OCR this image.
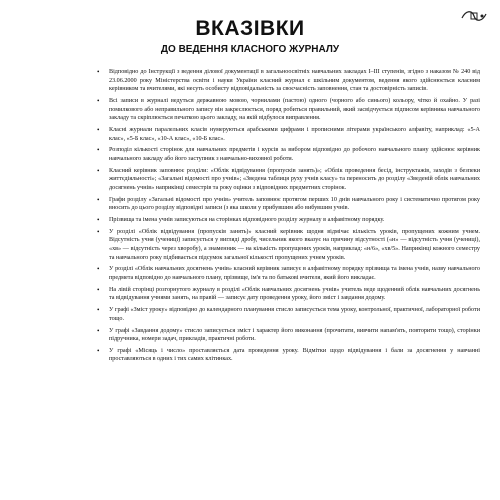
ВКАЗІВКИ
ДО ВЕДЕННЯ КЛАСНОГО ЖУРНАЛУ
• Відповідно до Інструкції з ведення ділової документації в загальноосвітніх навчальних закладах I–III ступенів, згідно з наказом № 240 від 23.06.2000 року Міністерства освіти і науки України класний журнал є шкільним документом, ведення якого здійснюється класним керівником та вчителями, які несуть особисту відповідальність за своєчасність заповнення, стан та достовірність записів.
• Всі записи в журналі ведуться державною мовою, чорнилами (пастою) одного (чорного або синього) кольору, чітко й охайно. У разі помилкового або неправильного запису він закреслюється, поряд робиться правильний, який засвідчується підписом керівника навчального закладу та скріплюється печаткою цього закладу, на якій відбулося виправлення.
• Класні журнали паралельних класів нумеруються арабськими цифрами і прописними літерами українського алфавіту, наприклад: «5-А клас», «5-Б клас», «10-А клас», «10-Б клас».
• Розподіл кількості сторінок для навчальних предметів і курсів за вибором відповідно до робочого навчального плану здійснює керівник навчального закладу або його заступник з навчально-виховної роботи.
• Класний керівник заповнює розділи: «Облік відвідування (пропусків занять)»; «Облік проведення бесід, інструктажів, заходів з безпеки життєдіяльності»; «Загальні відомості про учнів»; «Зведена таблиця руху учнів класу» та переносить до розділу «Зведеній облік навчальних досягнень учнів» наприкінці семестрів та року оцінки з відповідних предметних сторінок.
• Графи розділу «Загальні відомості про учнів» учитель заповнює протягом перших 10 днів навчального року і систематично протягом року вносить до цього розділу відповідні записи (з яка школи у прибувшим або вибувшим учнів.
• Прізвища та імена учнів записуються на сторінках відповідного розділу журналу в алфавітному порядку.
• У розділі «Облік відвідування (пропусків занять)» класний керівник щодня відмічає кількість уроків, пропущених кожним учнем. Відсутність учня (учениці) записується у вигляді дробу, чисельник якого вказує на причину відсутності («н» — відсутність учня (учениці), «хв» — відсутність через хворобу), а знаменник — на кількість пропущених уроків, наприклад: «н/6», «хв/5». Наприкінці кожного семестру та навчального року підбивається підсумок загальної кількості пропущених учнем уроків.
• У розділі «Облік навчальних досягнень учнів» класний керівник записує в алфавітному порядку прізвища та імена учнів, назву навчального предмета відповідно до навчального плану, прізвище, ім'я та по батькові вчителя, який його викладає.
• На лівій сторінці розгорнутого журналу в розділі «Облік навчальних досягнень учнів» учитель веде щоденний облік навчальних досягнень та відвідування учнями занять, на правій — записує дату проведення уроку, його зміст і завдання додому.
• У графі «Зміст уроку» відповідно до календарного планування стисло записується тема уроку, контрольної, практичної, лабораторної роботи тощо.
• У графі «Завдання додому» стисло записується зміст і характер його виконання (прочитати, вивчити напам'ять, повторити тощо), сторінки підручника, номери задач, прикладів, практичні роботи.
• У графі «Місяць і число» проставляється дата проведення уроку. Відмітки щодо відвідування і бали за досягнення у навчанні проставляються в одних і тих самих клітинках.
